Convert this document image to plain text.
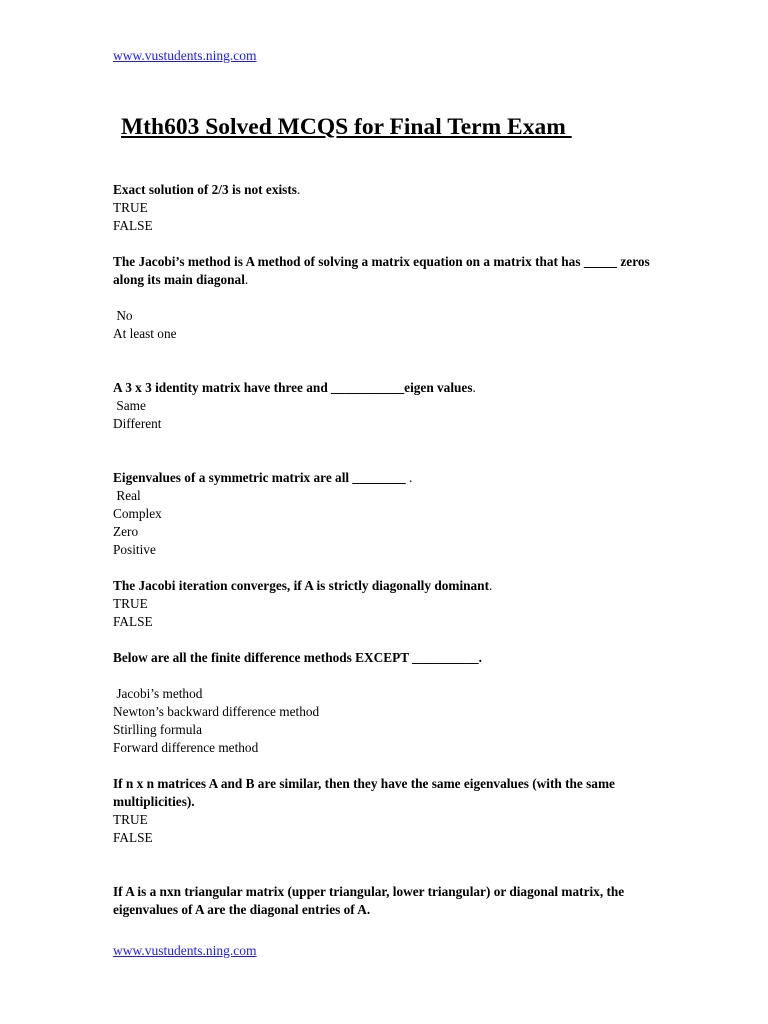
www.vustudents.ning.com
Mth603 Solved MCQS for Final Term Exam

Exact solution of 2/3 is not exists.

TRUE

FALSE

The Jacobi’s method is A method of solving a matrix equation on a matrix that has _____ zeros along its main diagonal.

No

At least one

A 3 x 3 identity matrix have three and ___________eigen values.

Same

Different

Eigenvalues of a symmetric matrix are all ________ .

Real

Complex

Zero

Positive

The Jacobi iteration converges, if A is strictly diagonally dominant.

TRUE

FALSE

Below are all the finite difference methods EXCEPT __________.

Jacobi’s method

Newton’s backward difference method

Stirlling formula

Forward difference method

If n x n matrices A and B are similar, then they have the same eigenvalues (with the same multiplicities).

TRUE

FALSE

If A is a nxn triangular matrix (upper triangular, lower triangular) or diagonal matrix, the eigenvalues of A are the diagonal entries of A.

www.vustudents.ning.com
